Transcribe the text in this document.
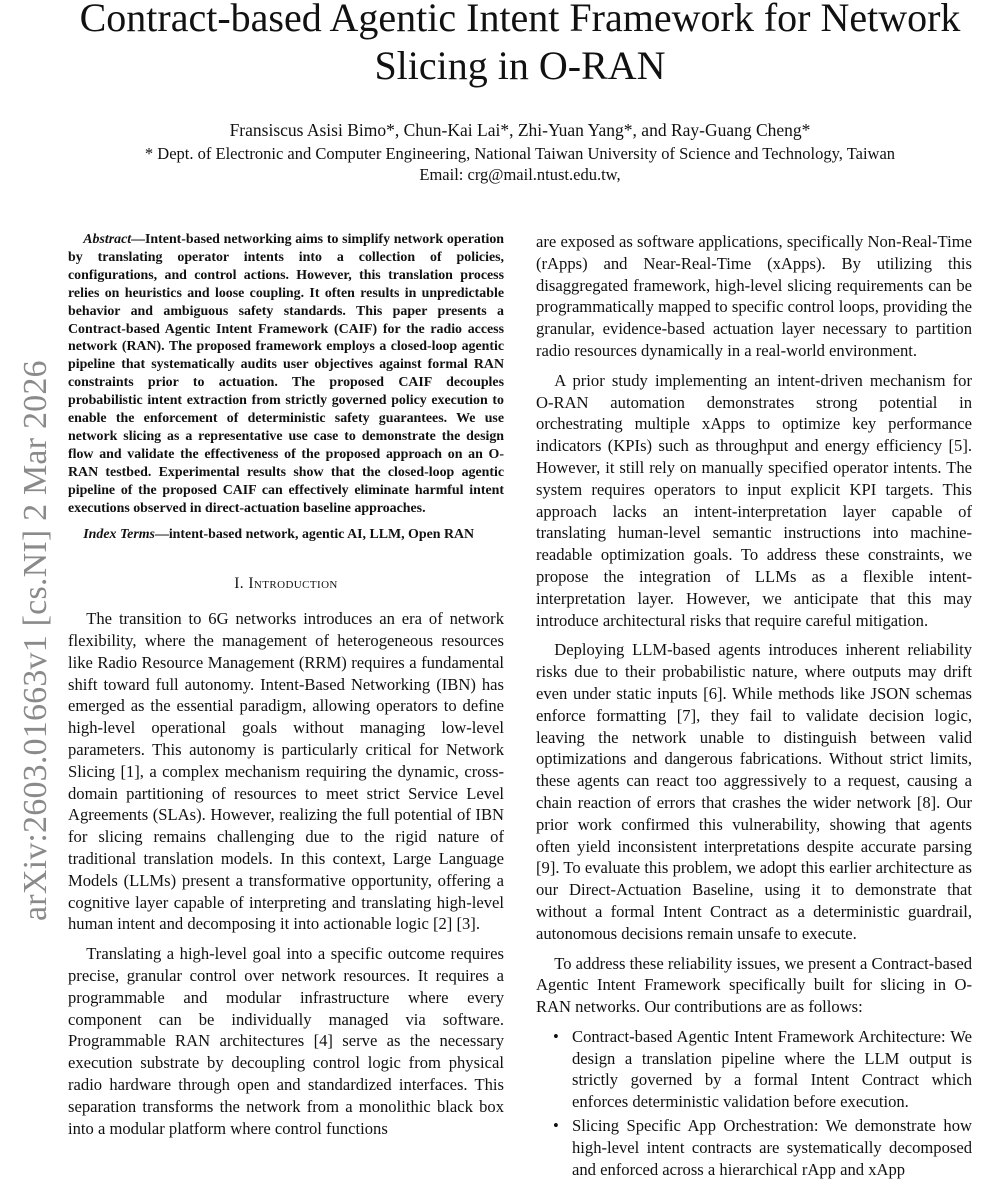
arXiv:2603.01663v1 [cs.NI] 2 Mar 2026
Contract-based Agentic Intent Framework for Network Slicing in O-RAN
Fransiscus Asisi Bimo*, Chun-Kai Lai*, Zhi-Yuan Yang*, and Ray-Guang Cheng*
* Dept. of Electronic and Computer Engineering, National Taiwan University of Science and Technology, Taiwan
Email: crg@mail.ntust.edu.tw,

Abstract—Intent-based networking aims to simplify network operation by translating operator intents into a collection of policies, configurations, and control actions. However, this translation process relies on heuristics and loose coupling. It often results in unpredictable behavior and ambiguous safety standards. This paper presents a Contract-based Agentic Intent Framework (CAIF) for the radio access network (RAN). The proposed framework employs a closed-loop agentic pipeline that systematically audits user objectives against formal RAN constraints prior to actuation. The proposed CAIF decouples probabilistic intent extraction from strictly governed policy execution to enable the enforcement of deterministic safety guarantees. We use network slicing as a representative use case to demonstrate the design flow and validate the effectiveness of the proposed approach on an O-RAN testbed. Experimental results show that the closed-loop agentic pipeline of the proposed CAIF can effectively eliminate harmful intent executions observed in direct-actuation baseline approaches.

Index Terms—intent-based network, agentic AI, LLM, Open RAN

I. Introduction

The transition to 6G networks introduces an era of network flexibility, where the management of heterogeneous resources like Radio Resource Management (RRM) requires a fundamental shift toward full autonomy. Intent-Based Networking (IBN) has emerged as the essential paradigm, allowing operators to define high-level operational goals without managing low-level parameters. This autonomy is particularly critical for Network Slicing [1], a complex mechanism requiring the dynamic, cross-domain partitioning of resources to meet strict Service Level Agreements (SLAs). However, realizing the full potential of IBN for slicing remains challenging due to the rigid nature of traditional translation models. In this context, Large Language Models (LLMs) present a transformative opportunity, offering a cognitive layer capable of interpreting and translating high-level human intent and decomposing it into actionable logic [2] [3].

Translating a high-level goal into a specific outcome requires precise, granular control over network resources. It requires a programmable and modular infrastructure where every component can be individually managed via software. Programmable RAN architectures [4] serve as the necessary execution substrate by decoupling control logic from physical radio hardware through open and standardized interfaces. This separation transforms the network from a monolithic black box into a modular platform where control functions

are exposed as software applications, specifically Non-Real-Time (rApps) and Near-Real-Time (xApps). By utilizing this disaggregated framework, high-level slicing requirements can be programmatically mapped to specific control loops, providing the granular, evidence-based actuation layer necessary to partition radio resources dynamically in a real-world environment.

A prior study implementing an intent-driven mechanism for O-RAN automation demonstrates strong potential in orchestrating multiple xApps to optimize key performance indicators (KPIs) such as throughput and energy efficiency [5]. However, it still rely on manually specified operator intents. The system requires operators to input explicit KPI targets. This approach lacks an intent-interpretation layer capable of translating human-level semantic instructions into machine-readable optimization goals. To address these constraints, we propose the integration of LLMs as a flexible intent-interpretation layer. However, we anticipate that this may introduce architectural risks that require careful mitigation.

Deploying LLM-based agents introduces inherent reliability risks due to their probabilistic nature, where outputs may drift even under static inputs [6]. While methods like JSON schemas enforce formatting [7], they fail to validate decision logic, leaving the network unable to distinguish between valid optimizations and dangerous fabrications. Without strict limits, these agents can react too aggressively to a request, causing a chain reaction of errors that crashes the wider network [8]. Our prior work confirmed this vulnerability, showing that agents often yield inconsistent interpretations despite accurate parsing [9]. To evaluate this problem, we adopt this earlier architecture as our Direct-Actuation Baseline, using it to demonstrate that without a formal Intent Contract as a deterministic guardrail, autonomous decisions remain unsafe to execute.

To address these reliability issues, we present a Contract-based Agentic Intent Framework specifically built for slicing in O-RAN networks. Our contributions are as follows:

• Contract-based Agentic Intent Framework Architecture: We design a translation pipeline where the LLM output is strictly governed by a formal Intent Contract which enforces deterministic validation before execution.
• Slicing Specific App Orchestration: We demonstrate how high-level intent contracts are systematically decomposed and enforced across a hierarchical rApp and xApp
